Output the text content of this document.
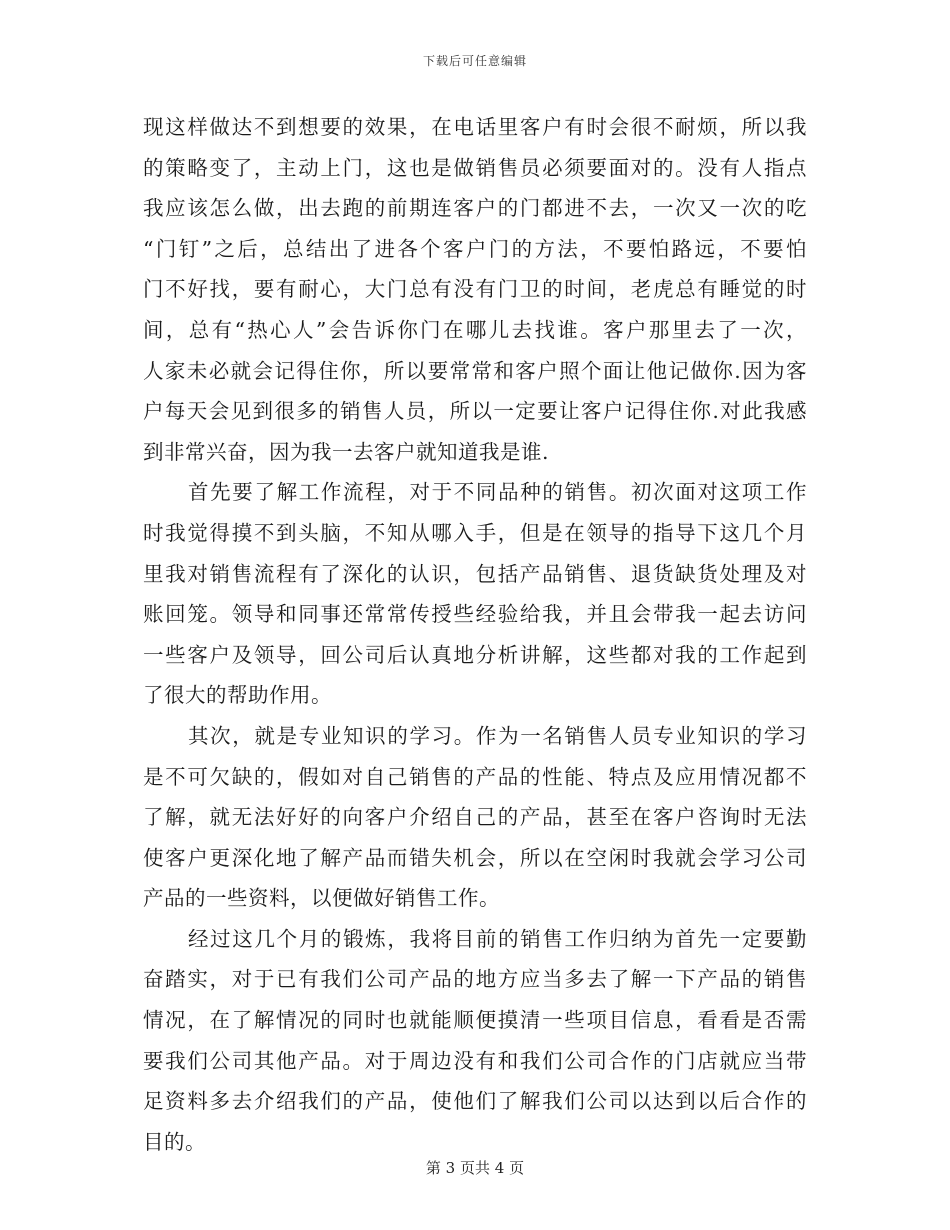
下载后可任意编辑
现这样做达不到想要的效果，在电话里客户有时会很不耐烦，所以我
的策略变了，主动上门，这也是做销售员必须要面对的。没有人指点
我应该怎么做，出去跑的前期连客户的门都进不去，一次又一次的吃
“门钉”之后，总结出了进各个客户门的方法，不要怕路远，不要怕
门不好找，要有耐心，大门总有没有门卫的时间，老虎总有睡觉的时
间，总有“热心人”会告诉你门在哪儿去找谁。客户那里去了一次，
人家未必就会记得住你，所以要常常和客户照个面让他记做你.因为客
户每天会见到很多的销售人员，所以一定要让客户记得住你.对此我感
到非常兴奋，因为我一去客户就知道我是谁.
首先要了解工作流程，对于不同品种的销售。初次面对这项工作
时我觉得摸不到头脑，不知从哪入手，但是在领导的指导下这几个月
里我对销售流程有了深化的认识，包括产品销售、退货缺货处理及对
账回笼。领导和同事还常常传授些经验给我，并且会带我一起去访问
一些客户及领导，回公司后认真地分析讲解，这些都对我的工作起到
了很大的帮助作用。
其次，就是专业知识的学习。作为一名销售人员专业知识的学习
是不可欠缺的，假如对自己销售的产品的性能、特点及应用情况都不
了解，就无法好好的向客户介绍自己的产品，甚至在客户咨询时无法
使客户更深化地了解产品而错失机会，所以在空闲时我就会学习公司
产品的一些资料，以便做好销售工作。
经过这几个月的锻炼，我将目前的销售工作归纳为首先一定要勤
奋踏实，对于已有我们公司产品的地方应当多去了解一下产品的销售
情况，在了解情况的同时也就能顺便摸清一些项目信息，看看是否需
要我们公司其他产品。对于周边没有和我们公司合作的门店就应当带
足资料多去介绍我们的产品，使他们了解我们公司以达到以后合作的
目的。
第 3 页共 4 页
